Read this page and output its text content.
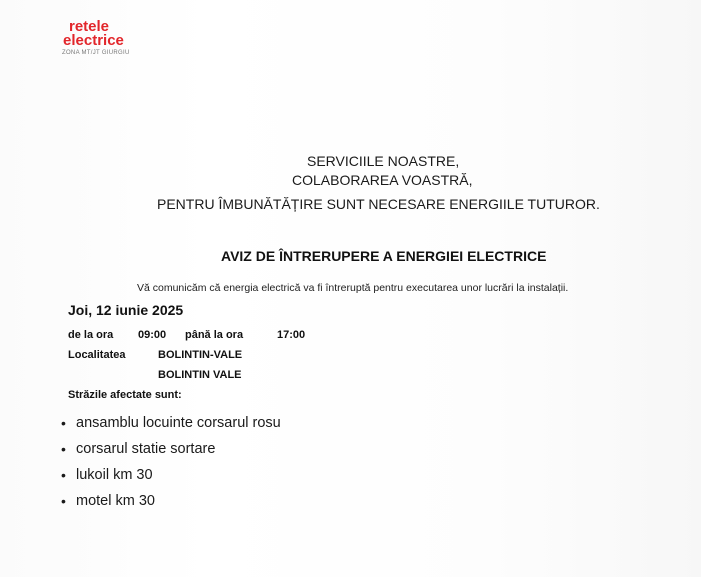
retele
electrice
ZONA MT/JT GIURGIU
SERVICIILE NOASTRE,
COLABORAREA VOASTRĂ,
PENTRU ÎMBUNĂTĂȚIRE SUNT NECESARE ENERGIILE TUTUROR.
AVIZ DE ÎNTRERUPERE A ENERGIEI ELECTRICE
Vă comunicăm că energia electrică va fi întreruptă pentru executarea unor lucrări la instalații.
Joi, 12 iunie 2025
de la ora 09:00 până la ora	17:00
Localitatea	BOLINTIN-VALE
BOLINTIN VALE
Străzile afectate sunt:
• ansamblu locuinte corsarul rosu
• corsarul statie sortare
• lukoil km 30
• motel km 30
